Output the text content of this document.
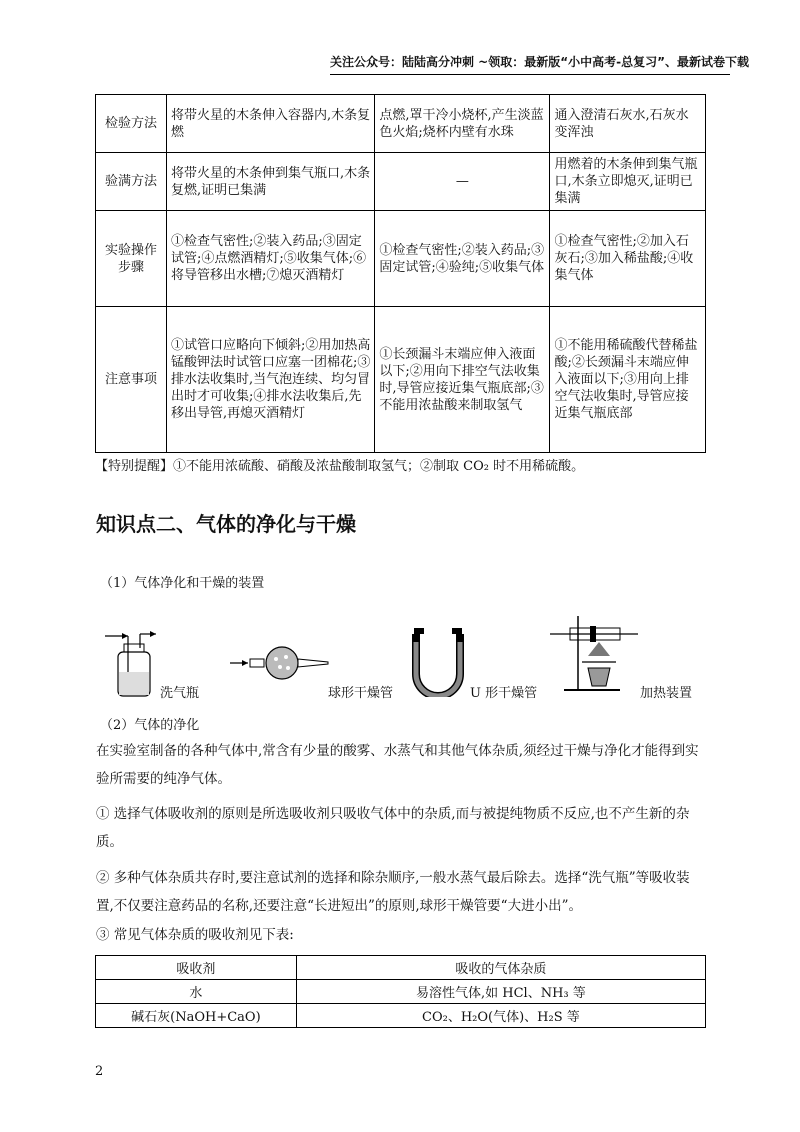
关注公众号：陆陆高分冲刺 ~领取：最新版“小中高考-总复习”、最新试卷下载
检验方法	将带火星的木条伸入容器内,木条复燃	点燃,罩干冷小烧杯,产生淡蓝色火焰;烧杯内壁有水珠	通入澄清石灰水,石灰水变浑浊
验满方法	将带火星的木条伸到集气瓶口,木条复燃,证明已集满	—	用燃着的木条伸到集气瓶口,木条立即熄灭,证明已集满
实验操作步骤	①检查气密性;②装入药品;③固定试管;④点燃酒精灯;⑤收集气体;⑥将导管移出水槽;⑦熄灭酒精灯	①检查气密性;②装入药品;③固定试管;④验纯;⑤收集气体	①检查气密性;②加入石灰石;③加入稀盐酸;④收集气体
注意事项	①试管口应略向下倾斜;②用加热高锰酸钾法时试管口应塞一团棉花;③排水法收集时,当气泡连续、均匀冒出时才可收集;④排水法收集后,先移出导管,再熄灭酒精灯	①长颈漏斗末端应伸入液面以下;②用向下排空气法收集时,导管应接近集气瓶底部;③不能用浓盐酸来制取氢气	①不能用稀硫酸代替稀盐酸;②长颈漏斗末端应伸入液面以下;③用向上排空气法收集时,导管应接近集气瓶底部
【特别提醒】①不能用浓硫酸、硝酸及浓盐酸制取氢气；②制取 CO₂ 时不用稀硫酸。
知识点二、气体的净化与干燥
（1）气体净化和干燥的装置
洗气瓶	球形干燥管	U 形干燥管	加热装置
（2）气体的净化
在实验室制备的各种气体中,常含有少量的酸雾、水蒸气和其他气体杂质,须经过干燥与净化才能得到实验所需要的纯净气体。
① 选择气体吸收剂的原则是所选吸收剂只吸收气体中的杂质,而与被提纯物质不反应,也不产生新的杂质。
② 多种气体杂质共存时,要注意试剂的选择和除杂顺序,一般水蒸气最后除去。选择“洗气瓶”等吸收装置,不仅要注意药品的名称,还要注意“长进短出”的原则,球形干燥管要“大进小出”。
③ 常见气体杂质的吸收剂见下表:
吸收剂	吸收的气体杂质
水	易溶性气体,如 HCl、NH₃ 等
碱石灰(NaOH+CaO)	CO₂、H₂O(气体)、H₂S 等
2
